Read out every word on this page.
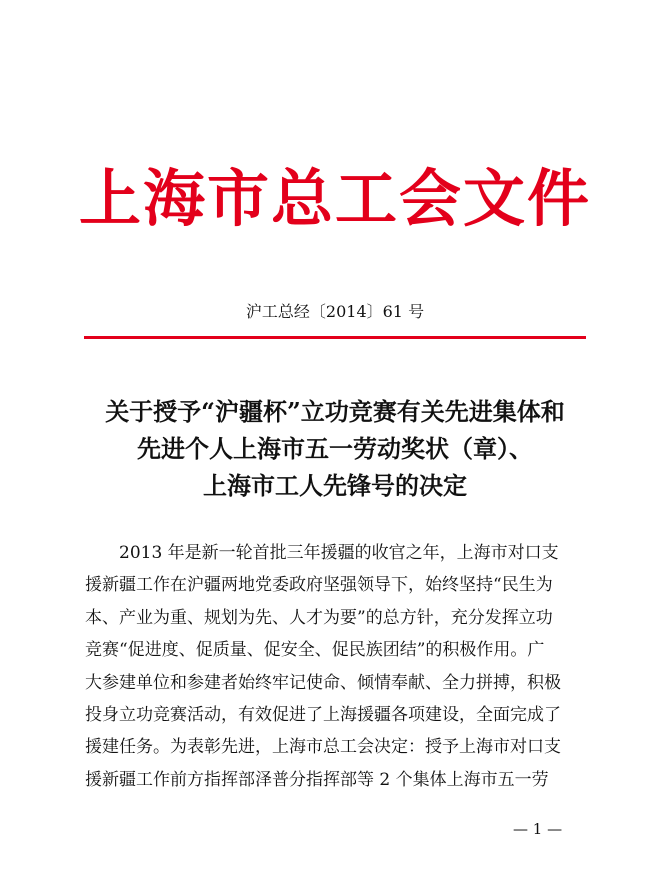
上海市总工会文件
沪工总经〔2014〕61 号
关于授予“沪疆杯”立功竞赛有关先进集体和
先进个人上海市五一劳动奖状（章）、
上海市工人先锋号的决定
　　2013 年是新一轮首批三年援疆的收官之年，上海市对口支
援新疆工作在沪疆两地党委政府坚强领导下，始终坚持“民生为
本、产业为重、规划为先、人才为要”的总方针，充分发挥立功
竞赛“促进度、促质量、促安全、促民族团结”的积极作用。广
大参建单位和参建者始终牢记使命、倾情奉献、全力拼搏，积极
投身立功竞赛活动，有效促进了上海援疆各项建设，全面完成了
援建任务。为表彰先进，上海市总工会决定：授予上海市对口支
援新疆工作前方指挥部泽普分指挥部等 2 个集体上海市五一劳
— 1 —
